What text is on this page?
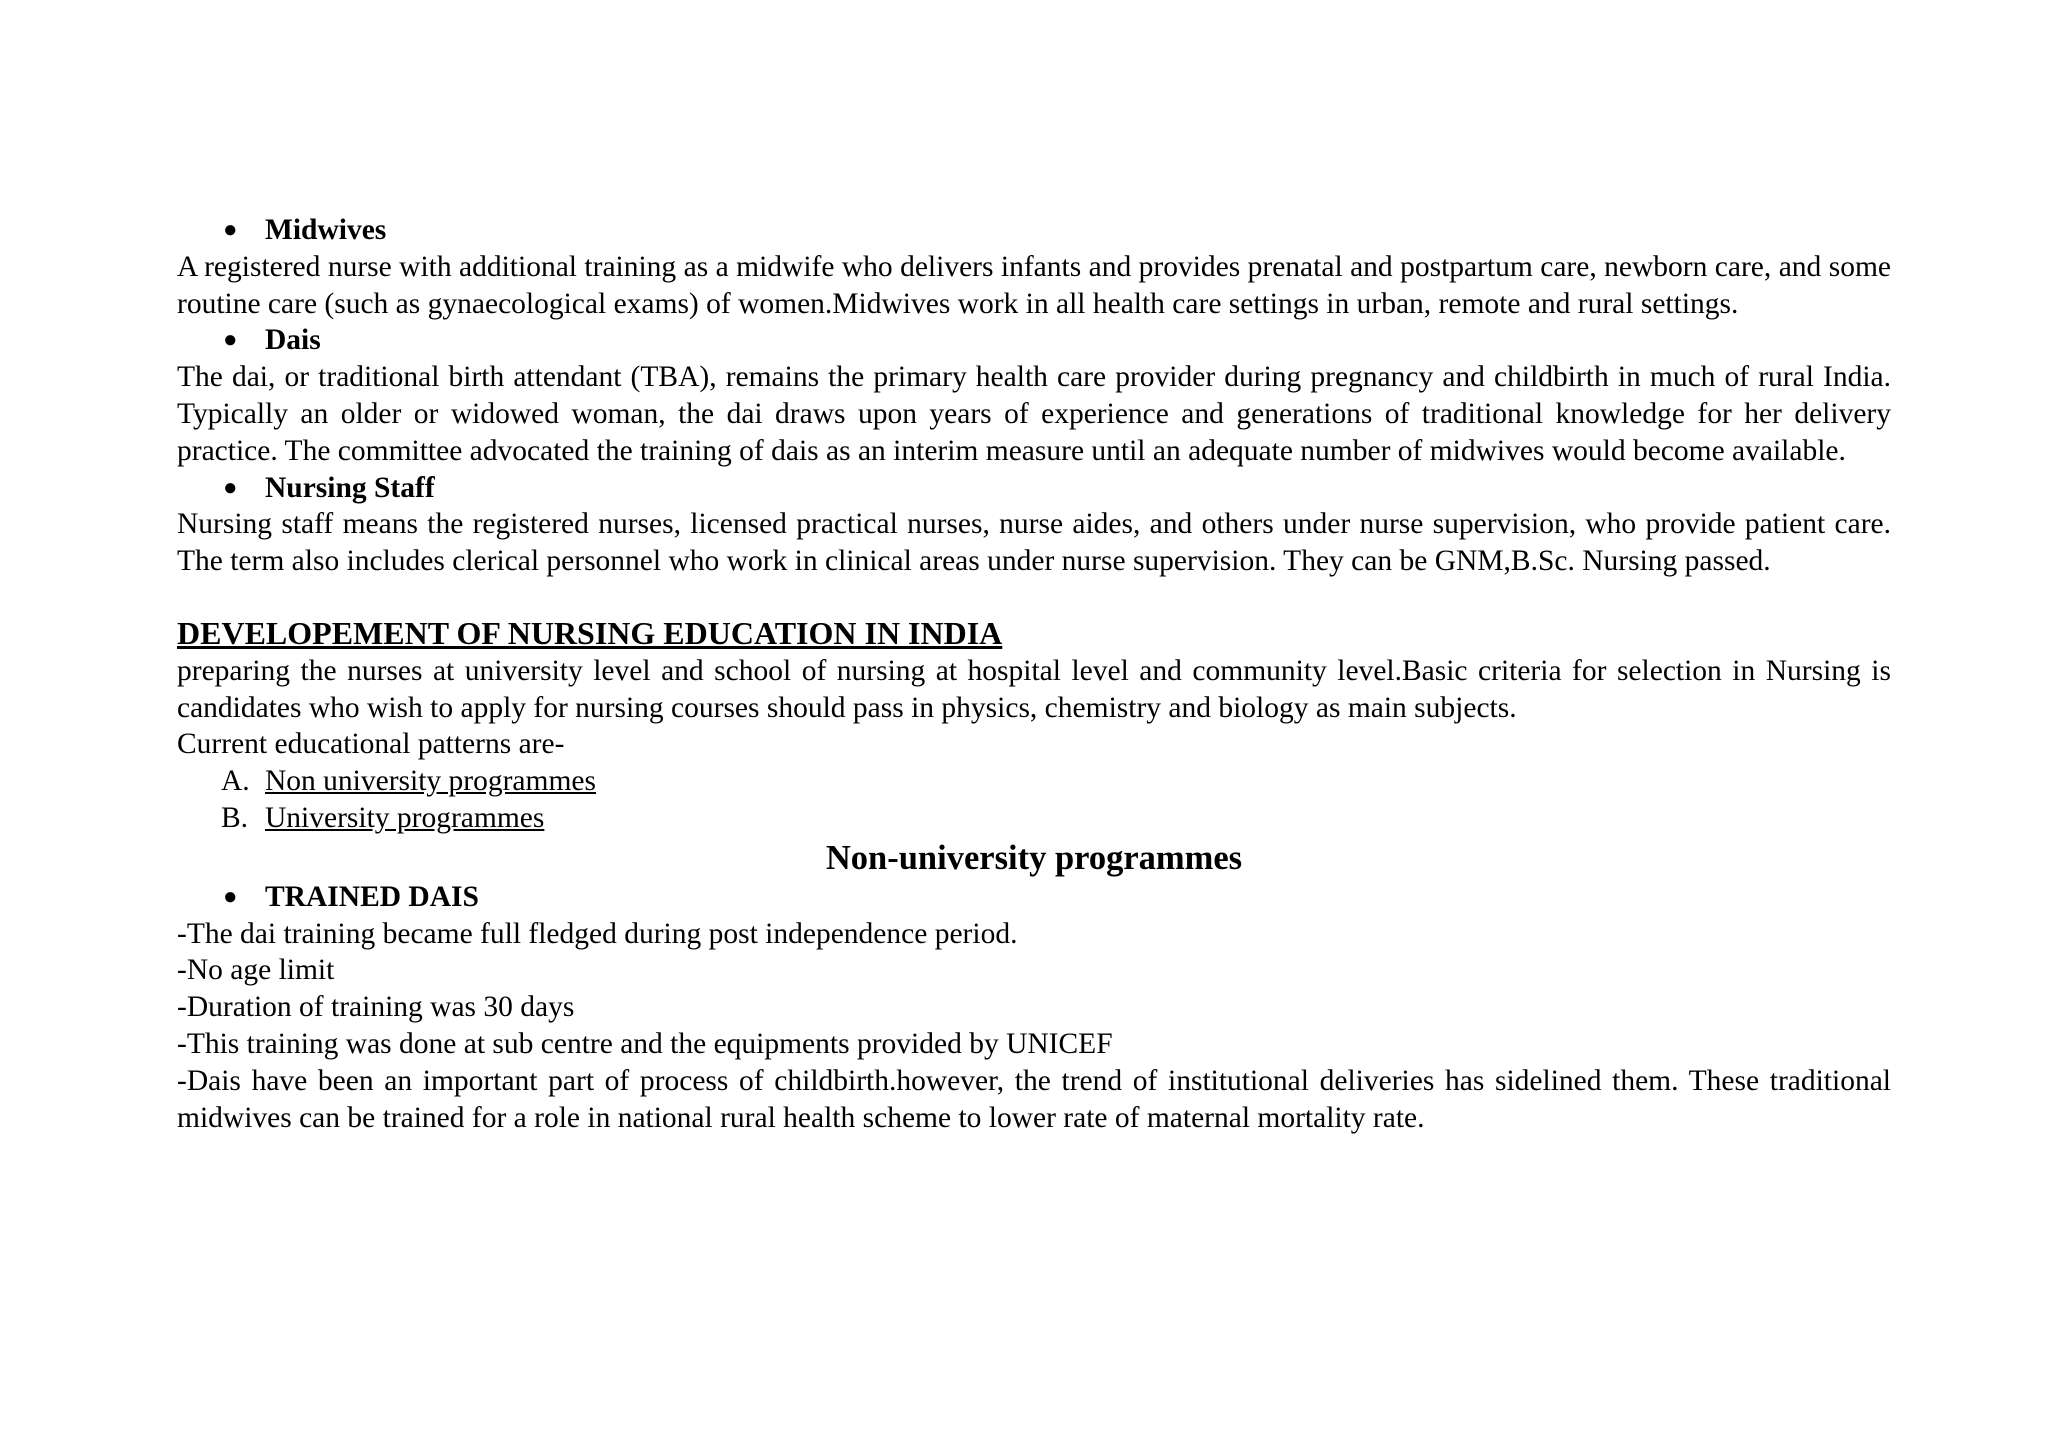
● Midwives
A registered nurse with additional training as a midwife who delivers infants and provides prenatal and postpartum care, newborn care, and some routine care (such as gynaecological exams) of women.Midwives work in all health care settings in urban, remote and rural settings.
● Dais
The dai, or traditional birth attendant (TBA), remains the primary health care provider during pregnancy and childbirth in much of rural India. Typically an older or widowed woman, the dai draws upon years of experience and generations of traditional knowledge for her delivery practice. The committee advocated the training of dais as an interim measure until an adequate number of midwives would become available.
● Nursing Staff
Nursing staff means the registered nurses, licensed practical nurses, nurse aides, and others under nurse supervision, who provide patient care. The term also includes clerical personnel who work in clinical areas under nurse supervision. They can be GNM,B.Sc. Nursing passed.
DEVELOPEMENT OF NURSING EDUCATION IN INDIA
preparing the nurses at university level and school of nursing at hospital level and community level.Basic criteria for selection in Nursing is candidates who wish to apply for nursing courses should pass in physics, chemistry and biology as main subjects.
Current educational patterns are-
A. Non university programmes
B. University programmes
Non-university programmes
● TRAINED DAIS
-The dai training became full fledged during post independence period.
-No age limit
-Duration of training was 30 days
-This training was done at sub centre and the equipments provided by UNICEF
-Dais have been an important part of process of childbirth.however, the trend of institutional deliveries has sidelined them. These traditional midwives can be trained for a role in national rural health scheme to lower rate of maternal mortality rate.
